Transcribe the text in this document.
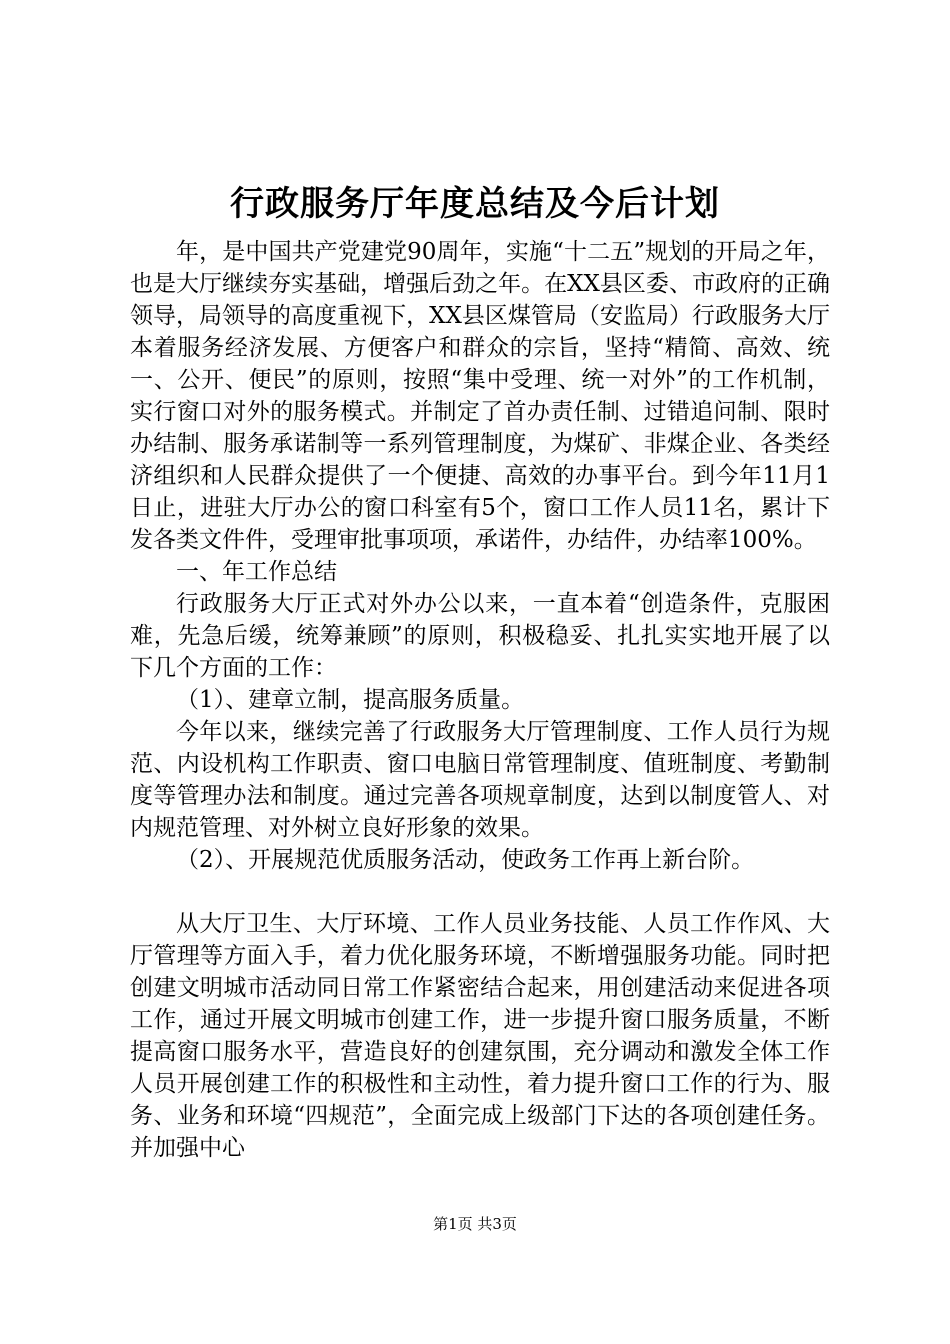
行政服务厅年度总结及今后计划

年，是中国共产党建党90周年，实施“十二五”规划的开局之年，也是大厅继续夯实基础，增强后劲之年。在XX县区委、市政府的正确领导，局领导的高度重视下，XX县区煤管局（安监局）行政服务大厅本着服务经济发展、方便客户和群众的宗旨，坚持“精简、高效、统一、公开、便民”的原则，按照“集中受理、统一对外”的工作机制，实行窗口对外的服务模式。并制定了首办责任制、过错追问制、限时办结制、服务承诺制等一系列管理制度，为煤矿、非煤企业、各类经济组织和人民群众提供了一个便捷、高效的办事平台。到今年11月1日止，进驻大厅办公的窗口科室有5个，窗口工作人员11名，累计下发各类文件件，受理审批事项项，承诺件，办结件，办结率100%。

一、年工作总结

行政服务大厅正式对外办公以来，一直本着“创造条件，克服困难，先急后缓，统筹兼顾”的原则，积极稳妥、扎扎实实地开展了以下几个方面的工作：

（1）、建章立制，提高服务质量。

今年以来，继续完善了行政服务大厅管理制度、工作人员行为规范、内设机构工作职责、窗口电脑日常管理制度、值班制度、考勤制度等管理办法和制度。通过完善各项规章制度，达到以制度管人、对内规范管理、对外树立良好形象的效果。

（2）、开展规范优质服务活动，使政务工作再上新台阶。

从大厅卫生、大厅环境、工作人员业务技能、人员工作作风、大厅管理等方面入手，着力优化服务环境，不断增强服务功能。同时把创建文明城市活动同日常工作紧密结合起来，用创建活动来促进各项工作，通过开展文明城市创建工作，进一步提升窗口服务质量，不断提高窗口服务水平，营造良好的创建氛围，充分调动和激发全体工作人员开展创建工作的积极性和主动性，着力提升窗口工作的行为、服务、业务和环境“四规范”，全面完成上级部门下达的各项创建任务。并加强中心

第1页 共3页
